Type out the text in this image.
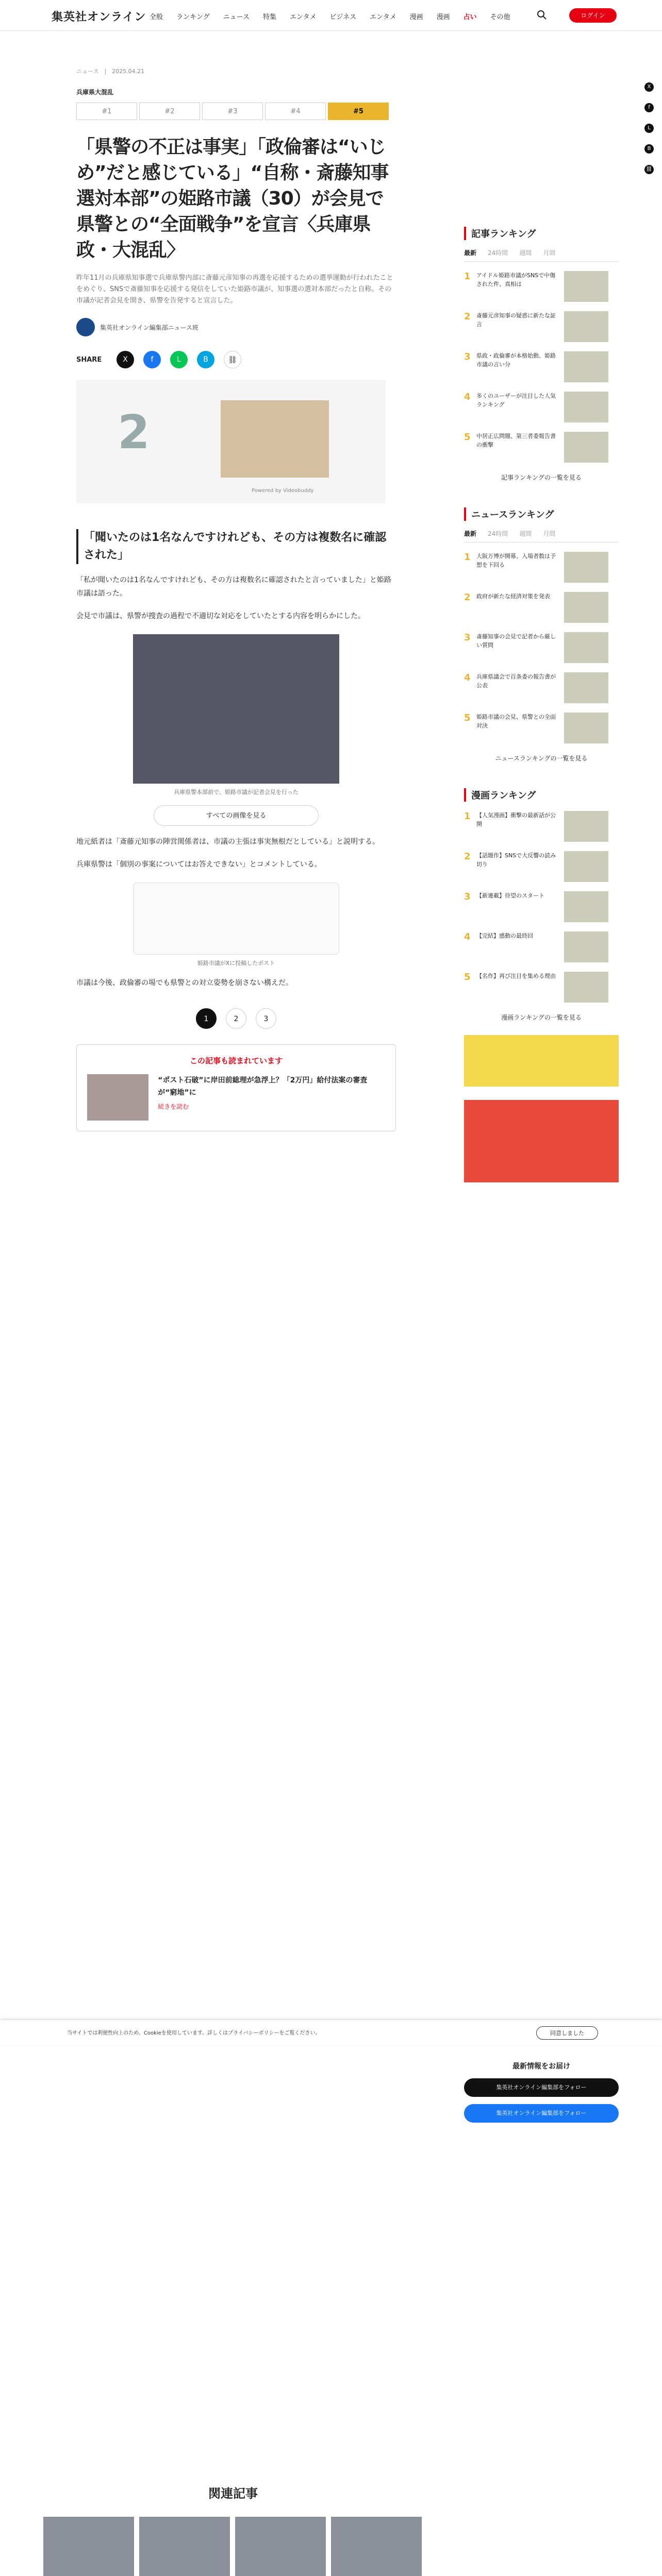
集英社オンライン 全般 ランキング ニュース 特集 エンタメ ビジネス エンタメ 漫画 漫画 占い その他	ログイン
X
f
L
B
⛓
ニュース　|　2025.04.21
兵庫県大混乱
#1	#2	#3	#4	#5
「県警の不正は事実」「政倫審は“いじめ”だと感じている」“自称・斎藤知事選対本部”の姫路市議（30）が会見で県警との“全面戦争”を宣言〈兵庫県政・大混乱〉
昨年11月の兵庫県知事選で兵庫県警内部に斎藤元彦知事の再選を応援するための選挙運動が行われたことをめぐり、SNSで斎藤知事を応援する発信をしていた姫路市議が、知事選の選対本部だったと自称。その市議が記者会見を開き、県警を告発すると宣言した。
集英社オンライン編集部ニュース班
SHARE	X	f	L	B	⛓
2
Powered by Videobuddy
「聞いたのは1名なんですけれども、その方は複数名に確認された」

「私が聞いたのは1名なんですけれども、その方は複数名に確認されたと言っていました」と姫路市議は語った。

会見で市議は、県警が捜査の過程で不適切な対応をしていたとする内容を明らかにした。

兵庫県警本部前で、姫路市議が記者会見を行った
すべての画像を見る

地元紙者は「斎藤元知事の陣営関係者は、市議の主張は事実無根だとしている」と説明する。

兵庫県警は「個別の事案についてはお答えできない」とコメントしている。

姫路市議がXに投稿したポスト

市議は今後、政倫審の場でも県警との対立姿勢を崩さない構えだ。

1	2	3
この記事も読まれています
“ポスト石破”に岸田前総理が急浮上？「2万円」給付法案の審査が“窮地”に
続きを読む
記事ランキング
最新 24時間 週間 月間
1 アイドル姫路市議がSNSで中傷された件、真相は
2 斎藤元彦知事の疑惑に新たな証言
3 県政・政倫審が本格始動、姫路市議の言い分
4 多くのユーザーが注目した人気ランキング
5 中居正広問題、第三者委報告書の衝撃
記事ランキングの一覧を見る
ニュースランキング
最新 24時間 週間 月間
1 大阪万博が開幕、入場者数は予想を下回る
2 政府が新たな経済対策を発表
3 斎藤知事の会見で記者から厳しい質問
4 兵庫県議会で百条委の報告書が公表
5 姫路市議の会見、県警との全面対決
ニュースランキングの一覧を見る
漫画ランキング
1 【人気漫画】衝撃の最新話が公開
2 【話題作】SNSで大反響の読み切り
3 【新連載】待望のスタート
4 【完結】感動の最終回
5 【名作】再び注目を集める理由
漫画ランキングの一覧を見る
当サイトでは利便性向上のため、Cookieを使用しています。詳しくはプライバシーポリシーをご覧ください。	同意しました
最新情報をお届け
集英社オンライン編集部をフォロー
集英社オンライン編集部をフォロー
関連記事
